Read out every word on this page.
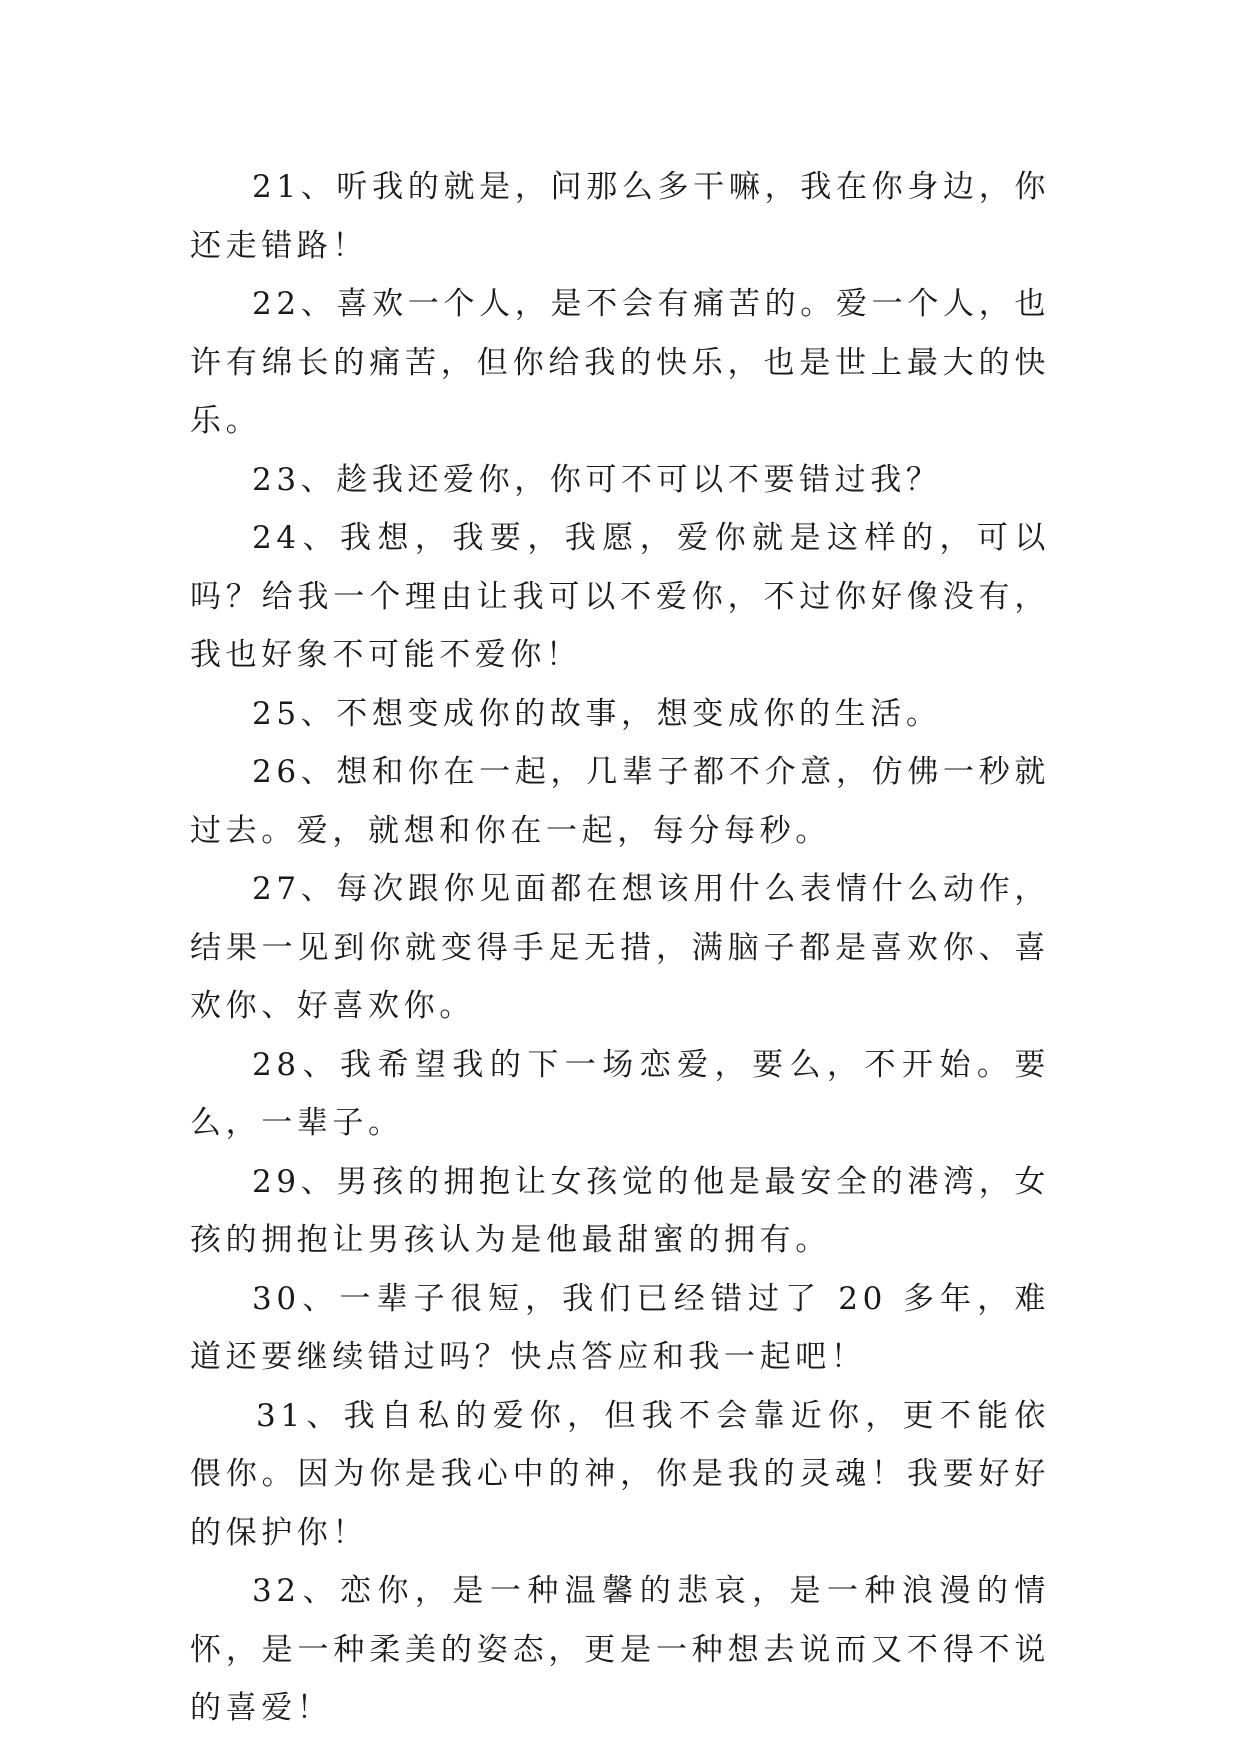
21、听我的就是，问那么多干嘛，我在你身边，你还走错路！

22、喜欢一个人，是不会有痛苦的。爱一个人，也许有绵长的痛苦，但你给我的快乐，也是世上最大的快乐。

23、趁我还爱你，你可不可以不要错过我？

24、我想，我要，我愿，爱你就是这样的，可以吗？给我一个理由让我可以不爱你，不过你好像没有，我也好象不可能不爱你！

25、不想变成你的故事，想变成你的生活。

26、想和你在一起，几辈子都不介意，仿佛一秒就过去。爱，就想和你在一起，每分每秒。

27、每次跟你见面都在想该用什么表情什么动作，结果一见到你就变得手足无措，满脑子都是喜欢你、喜欢你、好喜欢你。

28、我希望我的下一场恋爱，要么，不开始。要么，一辈子。

29、男孩的拥抱让女孩觉的他是最安全的港湾，女孩的拥抱让男孩认为是他最甜蜜的拥有。

30、一辈子很短，我们已经错过了 20 多年，难道还要继续错过吗？快点答应和我一起吧！

31、我自私的爱你，但我不会靠近你，更不能依偎你。因为你是我心中的神，你是我的灵魂！我要好好的保护你！

32、恋你，是一种温馨的悲哀，是一种浪漫的情怀，是一种柔美的姿态，更是一种想去说而又不得不说的喜爱！
